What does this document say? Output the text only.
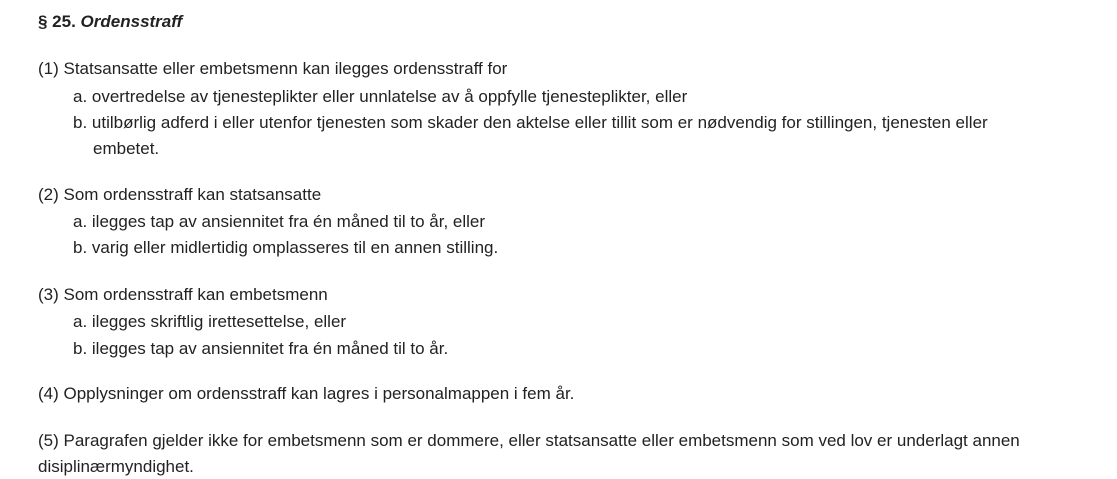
§ 25. Ordensstraff
(1) Statsansatte eller embetsmenn kan ilegges ordensstraff for
a. overtredelse av tjenesteplikter eller unnlatelse av å oppfylle tjenesteplikter, eller
b. utilbørlig adferd i eller utenfor tjenesten som skader den aktelse eller tillit som er nødvendig for stillingen, tjenesten eller
embetet.
(2) Som ordensstraff kan statsansatte
a. ilegges tap av ansiennitet fra én måned til to år, eller
b. varig eller midlertidig omplasseres til en annen stilling.
(3) Som ordensstraff kan embetsmenn
a. ilegges skriftlig irettesettelse, eller
b. ilegges tap av ansiennitet fra én måned til to år.
(4) Opplysninger om ordensstraff kan lagres i personalmappen i fem år.
(5) Paragrafen gjelder ikke for embetsmenn som er dommere, eller statsansatte eller embetsmenn som ved lov er underlagt annen
disiplinærmyndighet.
